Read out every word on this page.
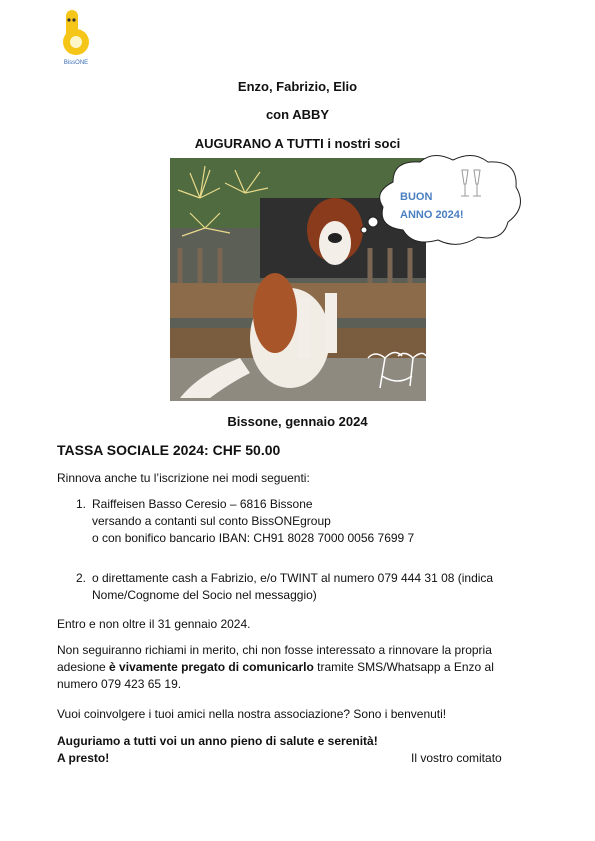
BissONE
Enzo, Fabrizio, Elio
con ABBY
AUGURANO A TUTTI i nostri soci
BUON
ANNO 2024!
Bissone, gennaio 2024
TASSA SOCIALE 2024: CHF 50.00

Rinnova anche tu l’iscrizione nei modi seguenti:

1. Raiffeisen Basso Ceresio – 6816 Bissone
versando a contanti sul conto BissONEgroup
o con bonifico bancario IBAN: CH91 8028 7000 0056 7699 7
2. o direttamente cash a Fabrizio, e/o TWINT al numero 079 444 31 08 (indica
Nome/Cognome del Socio nel messaggio)

Entro e non oltre il 31 gennaio 2024.

Non seguiranno richiami in merito, chi non fosse interessato a rinnovare la propria adesione è vivamente pregato di comunicarlo tramite SMS/Whatsapp a Enzo al numero 079 423 65 19.

Vuoi coinvolgere i tuoi amici nella nostra associazione? Sono i benvenuti!

Auguriamo a tutti voi un anno pieno di salute e serenità!

A presto!	Il vostro comitato
